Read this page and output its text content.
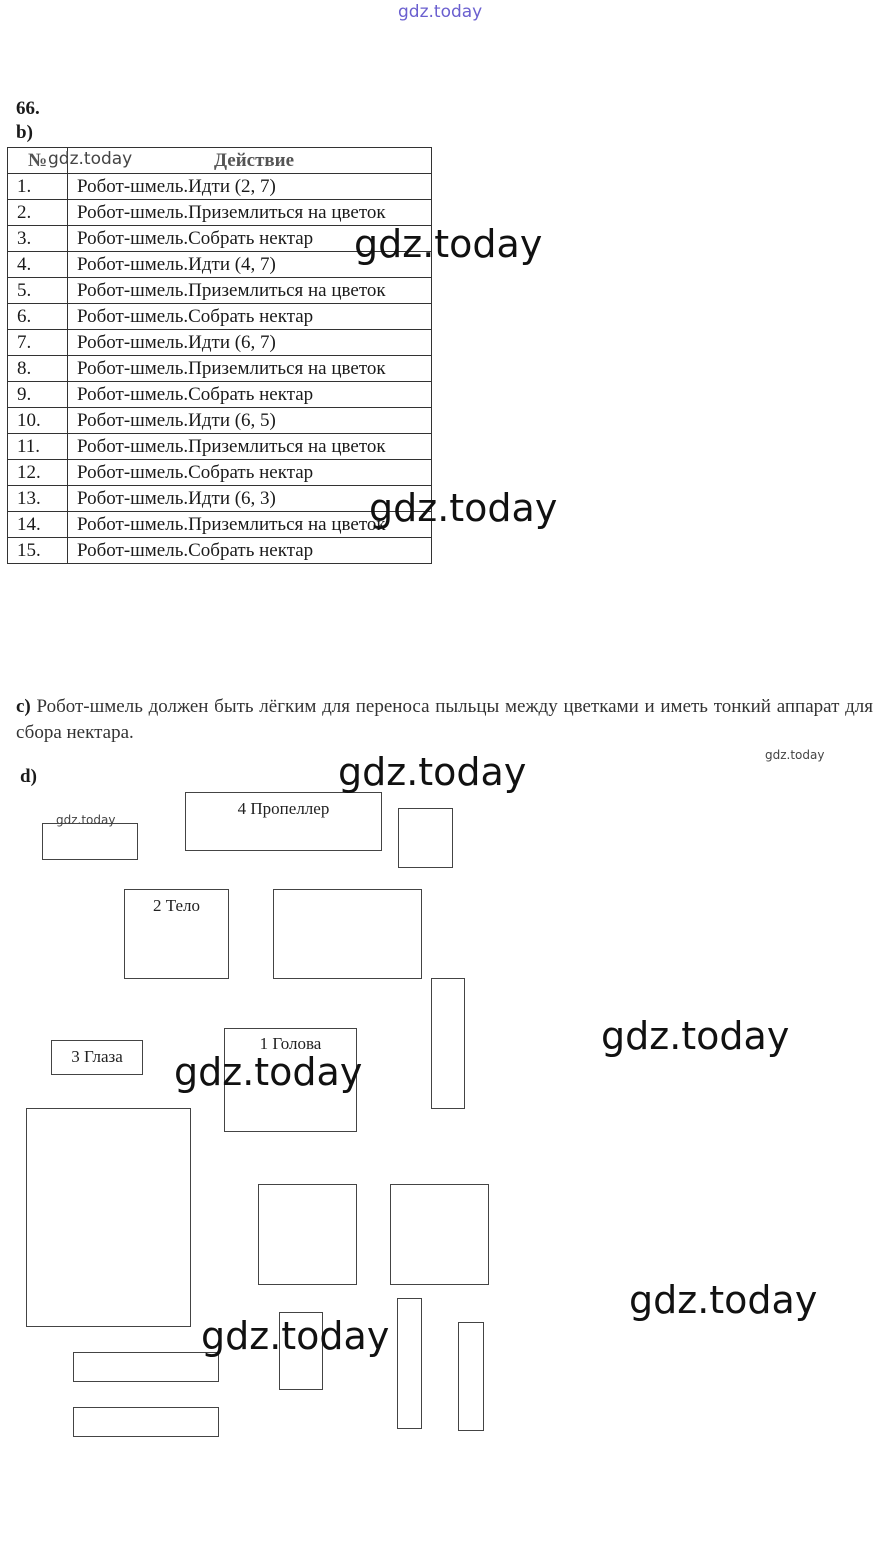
gdz.today
66.
b)
№	Действие
1.	Робот-шмель.Идти (2, 7)
2.	Робот-шмель.Приземлиться на цветок
3.	Робот-шмель.Собрать нектар
4.	Робот-шмель.Идти (4, 7)
5.	Робот-шмель.Приземлиться на цветок
6.	Робот-шмель.Собрать нектар
7.	Робот-шмель.Идти (6, 7)
8.	Робот-шмель.Приземлиться на цветок
9.	Робот-шмель.Собрать нектар
10.	Робот-шмель.Идти (6, 5)
11.	Робот-шмель.Приземлиться на цветок
12.	Робот-шмель.Собрать нектар
13.	Робот-шмель.Идти (6, 3)
14.	Робот-шмель.Приземлиться на цветок
15.	Робот-шмель.Собрать нектар
c) Робот-шмель должен быть лёгким для переноса пыльцы между цветками и иметь тонкий аппарат для сбора нектара.
d)
4 Пропеллер
2 Тело
3 Глаза
1 Голова
gdz.today
gdz.today
gdz.today
gdz.today
gdz.today
gdz.today
gdz.today
gdz.today
gdz.today
gdz.today
